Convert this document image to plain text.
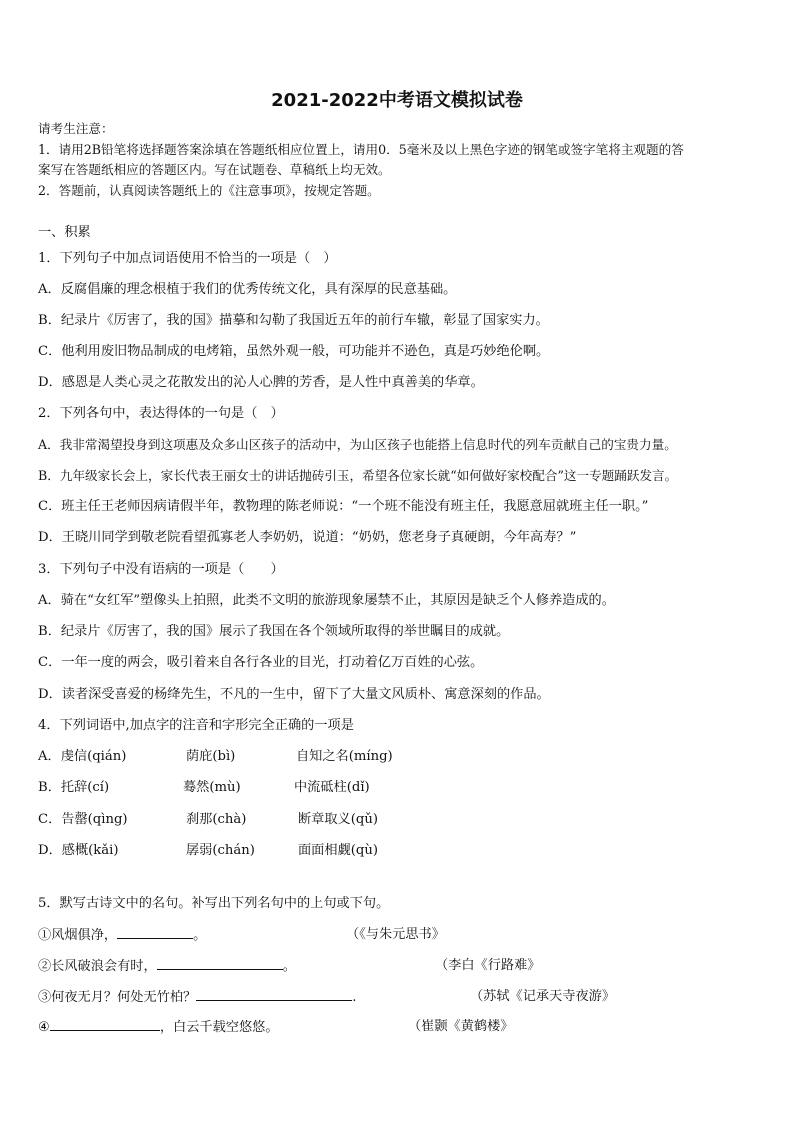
2021-2022中考语文模拟试卷
请考生注意：
1．请用2B铅笔将选择题答案涂填在答题纸相应位置上，请用0．5毫米及以上黑色字迹的钢笔或签字笔将主观题的答
案写在答题纸相应的答题区内。写在试题卷、草稿纸上均无效。
2．答题前，认真阅读答题纸上的《注意事项》，按规定答题。
一、积累
1．下列句子中加点词语使用不恰当的一项是（　）
A．反腐倡廉的理念根植于我们的优秀传统文化，具有深厚的民意基础。
B．纪录片《厉害了，我的国》描摹和勾勒了我国近五年的前行车辙，彰显了国家实力。
C．他利用废旧物品制成的电烤箱，虽然外观一般，可功能并不逊色，真是巧妙绝伦啊。
D．感恩是人类心灵之花散发出的沁人心脾的芳香，是人性中真善美的华章。
2．下列各句中，表达得体的一句是（　）
A．我非常渴望投身到这项惠及众多山区孩子的活动中，为山区孩子也能搭上信息时代的列车贡献自己的宝贵力量。
B．九年级家长会上，家长代表王丽女士的讲话抛砖引玉，希望各位家长就“如何做好家校配合”这一专题踊跃发言。
C．班主任王老师因病请假半年，教物理的陈老师说：“一个班不能没有班主任，我愿意屈就班主任一职。”
D．王晓川同学到敬老院看望孤寡老人李奶奶，说道：“奶奶，您老身子真硬朗，今年高寿？”
3．下列句子中没有语病的一项是（　　）
A．骑在“女红军”塑像头上拍照，此类不文明的旅游现象屡禁不止，其原因是缺乏个人修养造成的。
B．纪录片《厉害了，我的国》展示了我国在各个领域所取得的举世瞩目的成就。
C．一年一度的两会，吸引着来自各行各业的目光，打动着亿万百姓的心弦。
D．读者深受喜爱的杨绛先生，不凡的一生中，留下了大量文风质朴、寓意深刻的作品。
4．下列词语中,加点字的注音和字形完全正确的一项是
A．虔信(qián)	荫庇(bì)	自知之名(míng)
B．托辞(cí)	蓦然(mù)	中流砥柱(dǐ)
C．告罄(qìng)	刹那(chà)	断章取义(qǔ)
D．感概(kǎi)	孱弱(chán)	面面相觑(qù)
5．默写古诗文中的名句。补写出下列名句中的上句或下句。
①风烟俱净，	。	（《与朱元思书》
②长风破浪会有时，	。	（李白《行路难》
③何夜无月？何处无竹柏？	.	（苏轼《记承天寺夜游》
④	，白云千载空悠悠。	（崔颢《黄鹤楼》
